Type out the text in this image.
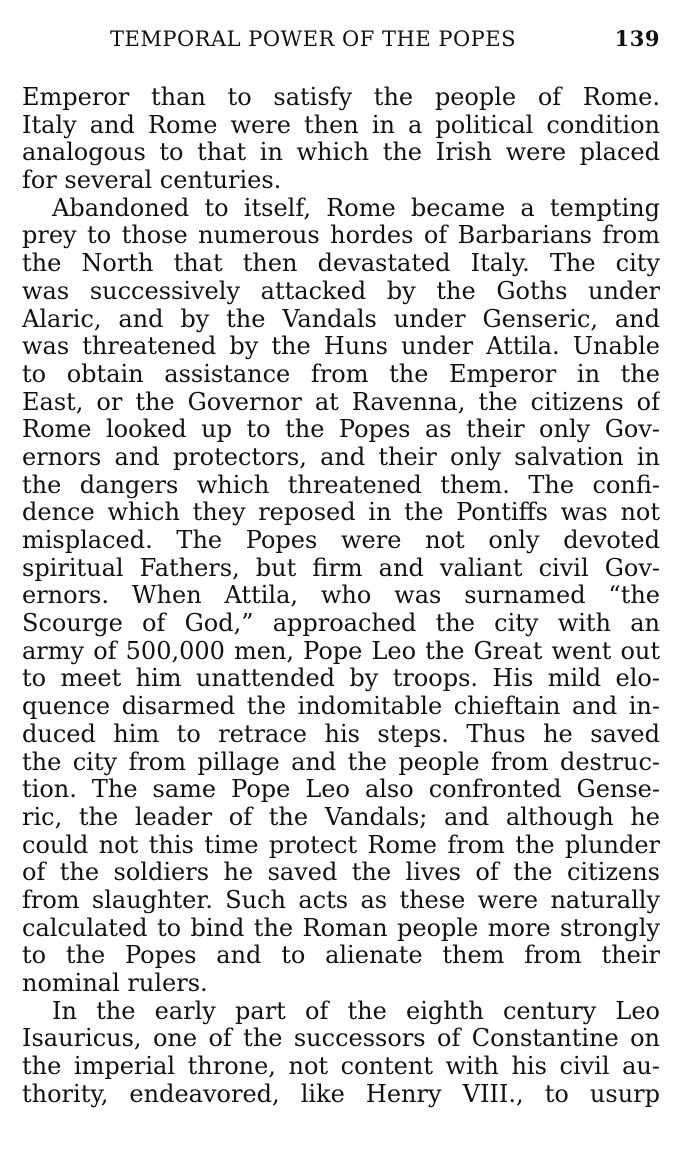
TEMPORAL POWER OF THE POPES	139
Emperor than to satisfy the people of Rome.
Italy and Rome were then in a political condition
analogous to that in which the Irish were placed
for several centuries.
Abandoned to itself, Rome became a tempting
prey to those numerous hordes of Barbarians from
the North that then devastated Italy. The city
was successively attacked by the Goths under
Alaric, and by the Vandals under Genseric, and
was threatened by the Huns under Attila. Unable
to obtain assistance from the Emperor in the
East, or the Governor at Ravenna, the citizens of
Rome looked up to the Popes as their only Gov-
ernors and protectors, and their only salvation in
the dangers which threatened them. The confi-
dence which they reposed in the Pontiffs was not
misplaced. The Popes were not only devoted
spiritual Fathers, but firm and valiant civil Gov-
ernors. When Attila, who was surnamed “the
Scourge of God,” approached the city with an
army of 500,000 men, Pope Leo the Great went out
to meet him unattended by troops. His mild elo-
quence disarmed the indomitable chieftain and in-
duced him to retrace his steps. Thus he saved
the city from pillage and the people from destruc-
tion. The same Pope Leo also confronted Gense-
ric, the leader of the Vandals; and although he
could not this time protect Rome from the plunder
of the soldiers he saved the lives of the citizens
from slaughter. Such acts as these were naturally
calculated to bind the Roman people more strongly
to the Popes and to alienate them from their
nominal rulers.
In the early part of the eighth century Leo
Isauricus, one of the successors of Constantine on
the imperial throne, not content with his civil au-
thority, endeavored, like Henry VIII., to usurp
